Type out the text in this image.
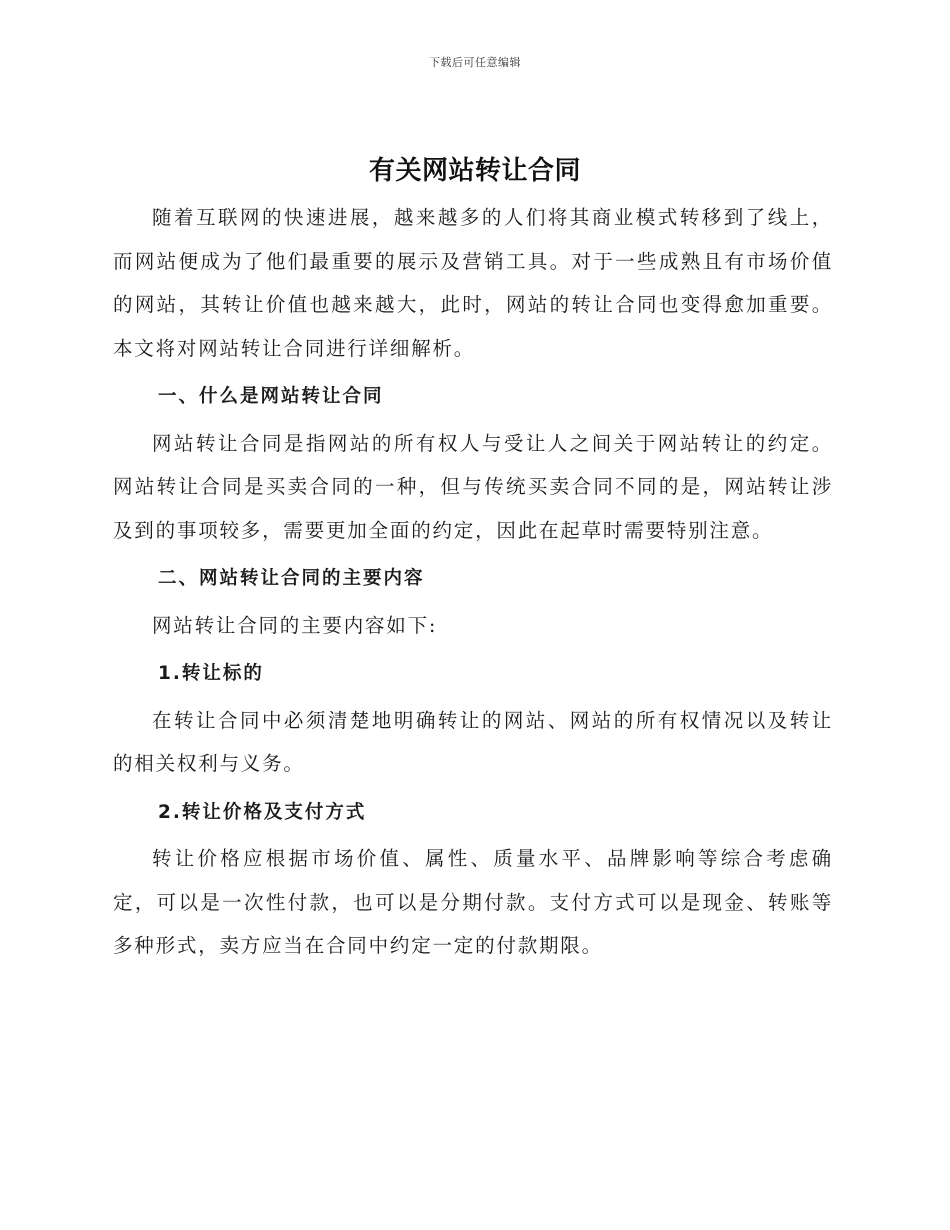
下载后可任意编辑
有关网站转让合同

随着互联网的快速进展，越来越多的人们将其商业模式转移到了线上，而网站便成为了他们最重要的展示及营销工具。对于一些成熟且有市场价值的网站，其转让价值也越来越大，此时，网站的转让合同也变得愈加重要。本文将对网站转让合同进行详细解析。

一、什么是网站转让合同

网站转让合同是指网站的所有权人与受让人之间关于网站转让的约定。网站转让合同是买卖合同的一种，但与传统买卖合同不同的是，网站转让涉及到的事项较多，需要更加全面的约定，因此在起草时需要特别注意。

二、网站转让合同的主要内容

网站转让合同的主要内容如下:

1.转让标的

在转让合同中必须清楚地明确转让的网站、网站的所有权情况以及转让的相关权利与义务。

2.转让价格及支付方式

转让价格应根据市场价值、属性、质量水平、品牌影响等综合考虑确定，可以是一次性付款，也可以是分期付款。支付方式可以是现金、转账等多种形式，卖方应当在合同中约定一定的付款期限。
